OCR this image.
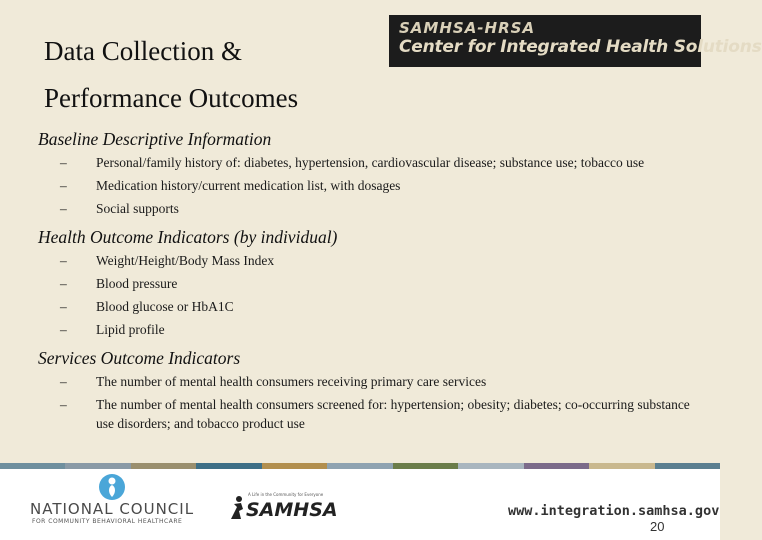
Data Collection &
Performance Outcomes
SAMHSA-HRSA
Center for Integrated Health Solutions
Baseline Descriptive Information
– Personal/family history of: diabetes, hypertension, cardiovascular disease; substance use; tobacco use
– Medication history/current medication list, with dosages
– Social supports
Health Outcome Indicators (by individual)
– Weight/Height/Body Mass Index
– Blood pressure
– Blood glucose or HbA1C
– Lipid profile
Services Outcome Indicators
– The number of mental health consumers receiving primary care services
– The number of mental health consumers screened for: hypertension; obesity; diabetes; co-occurring substance use disorders; and tobacco product use
NATIONAL COUNCIL
FOR COMMUNITY BEHAVIORAL HEALTHCARE
A Life in the Community for Everyone
SAMHSA	www.integration.samhsa.gov
20
